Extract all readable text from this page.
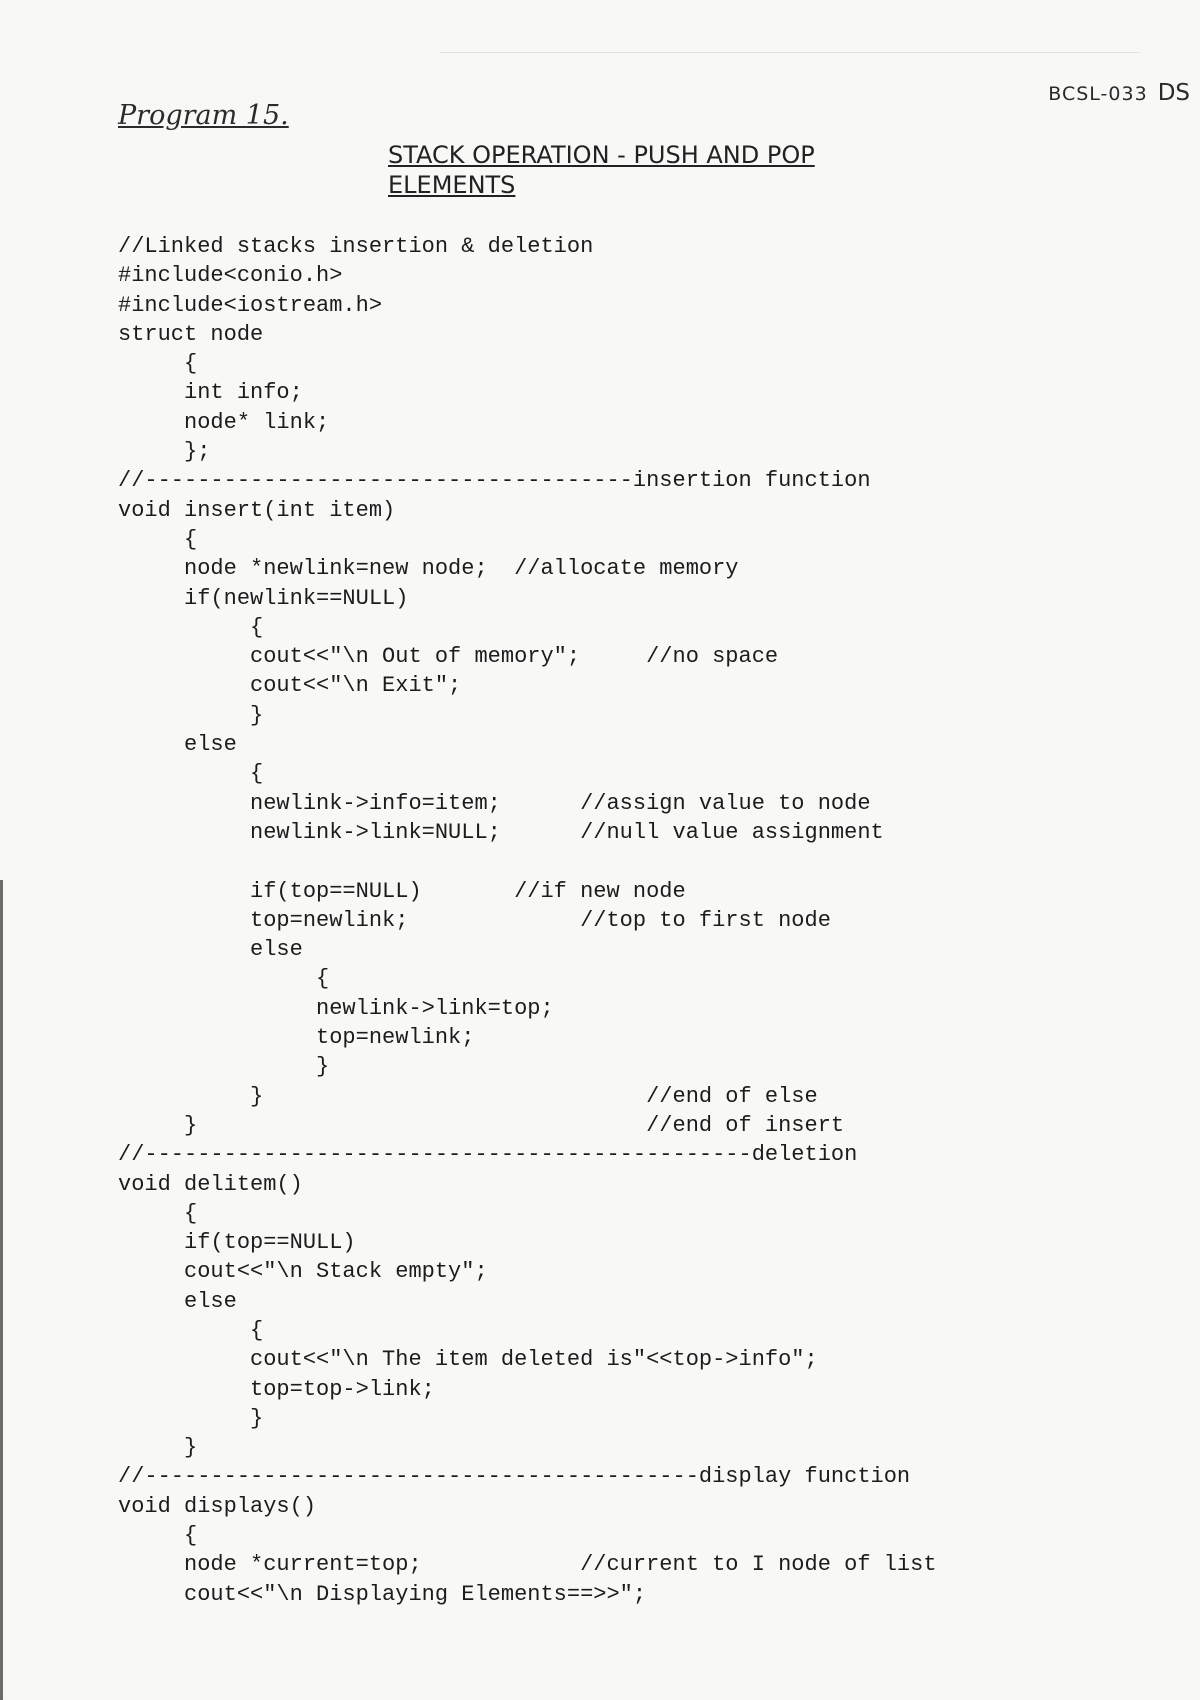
BCSL-033 DS
Program 15.
STACK OPERATION - PUSH AND POP
ELEMENTS
//Linked stacks insertion & deletion
#include<conio.h>
#include<iostream.h>
struct node
{
int info;
node* link;
};
//-------------------------------------insertion function
void insert(int item)
{
node *newlink=new node;  //allocate memory
if(newlink==NULL)
{
cout<<"\n Out of memory";     //no space
cout<<"\n Exit";
}
else
{
newlink->info=item;      //assign value to node
newlink->link=NULL;      //null value assignment
if(top==NULL)       //if new node
top=newlink;             //top to first node
else
{
newlink->link=top;
top=newlink;
}
}                             //end of else
}                                  //end of insert
//----------------------------------------------deletion
void delitem()
{
if(top==NULL)
cout<<"\n Stack empty";
else
{
cout<<"\n The item deleted is"<<top->info";
top=top->link;
}
}
//------------------------------------------display function
void displays()
{
node *current=top;            //current to I node of list
cout<<"\n Displaying Elements==>>";
